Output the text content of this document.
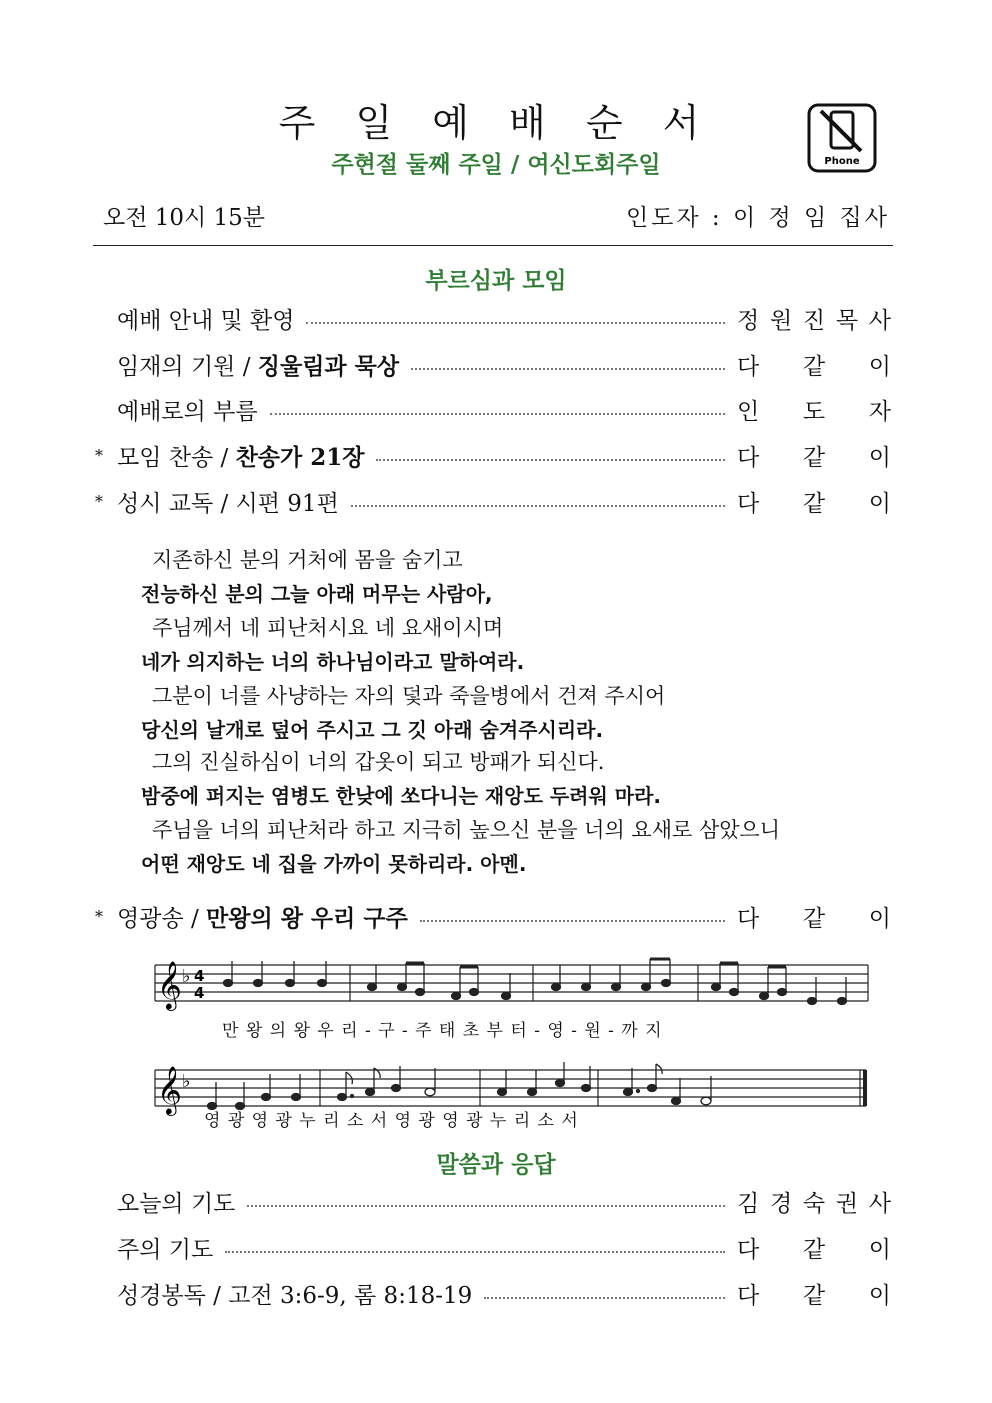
주 일 예 배 순 서
주현절 둘째 주일 / 여신도회주일	Phone
오전 10시 15분	인도자 : 이 정 임 집사
부르심과 모임
예배 안내 및 환영	정 원 진 목 사
임재의 기원 / 징울림과 묵상	다 같 이
예배로의 부름	인 도 자
* 모임 찬송 / 찬송가 21장	다 같 이
* 성시 교독 / 시편 91편	다 같 이
지존하신 분의 거처에 몸을 숨기고
전능하신 분의 그늘 아래 머무는 사람아,
주님께서 네 피난처시요 네 요새이시며
네가 의지하는 너의 하나님이라고 말하여라.
그분이 너를 사냥하는 자의 덫과 죽을병에서 건져 주시어
당신의 날개로 덮어 주시고 그 깃 아래 숨겨주시리라.
그의 진실하심이 너의 갑옷이 되고 방패가 되신다.
밤중에 퍼지는 염병도 한낮에 쏘다니는 재앙도 두려워 마라.
주님을 너의 피난처라 하고 지극히 높으신 분을 너의 요새로 삼았으니
어떤 재앙도 네 집을 가까이 못하리라. 아멘.
* 영광송 / 만왕의 왕 우리 구주	다 같 이
𝄞 ♭ 4
4
만 왕 의 왕 우 리 - 구 - 주 태 초 부 터 - 영 - 원 - 까 지
𝄞 ♭
영 광 영 광 누 리 소 서 영 광 영 광 누 리 소 서
말씀과 응답
오늘의 기도	김 경 숙 권 사
주의 기도	다 같 이
성경봉독 / 고전 3:6-9, 롬 8:18-19	다 같 이
